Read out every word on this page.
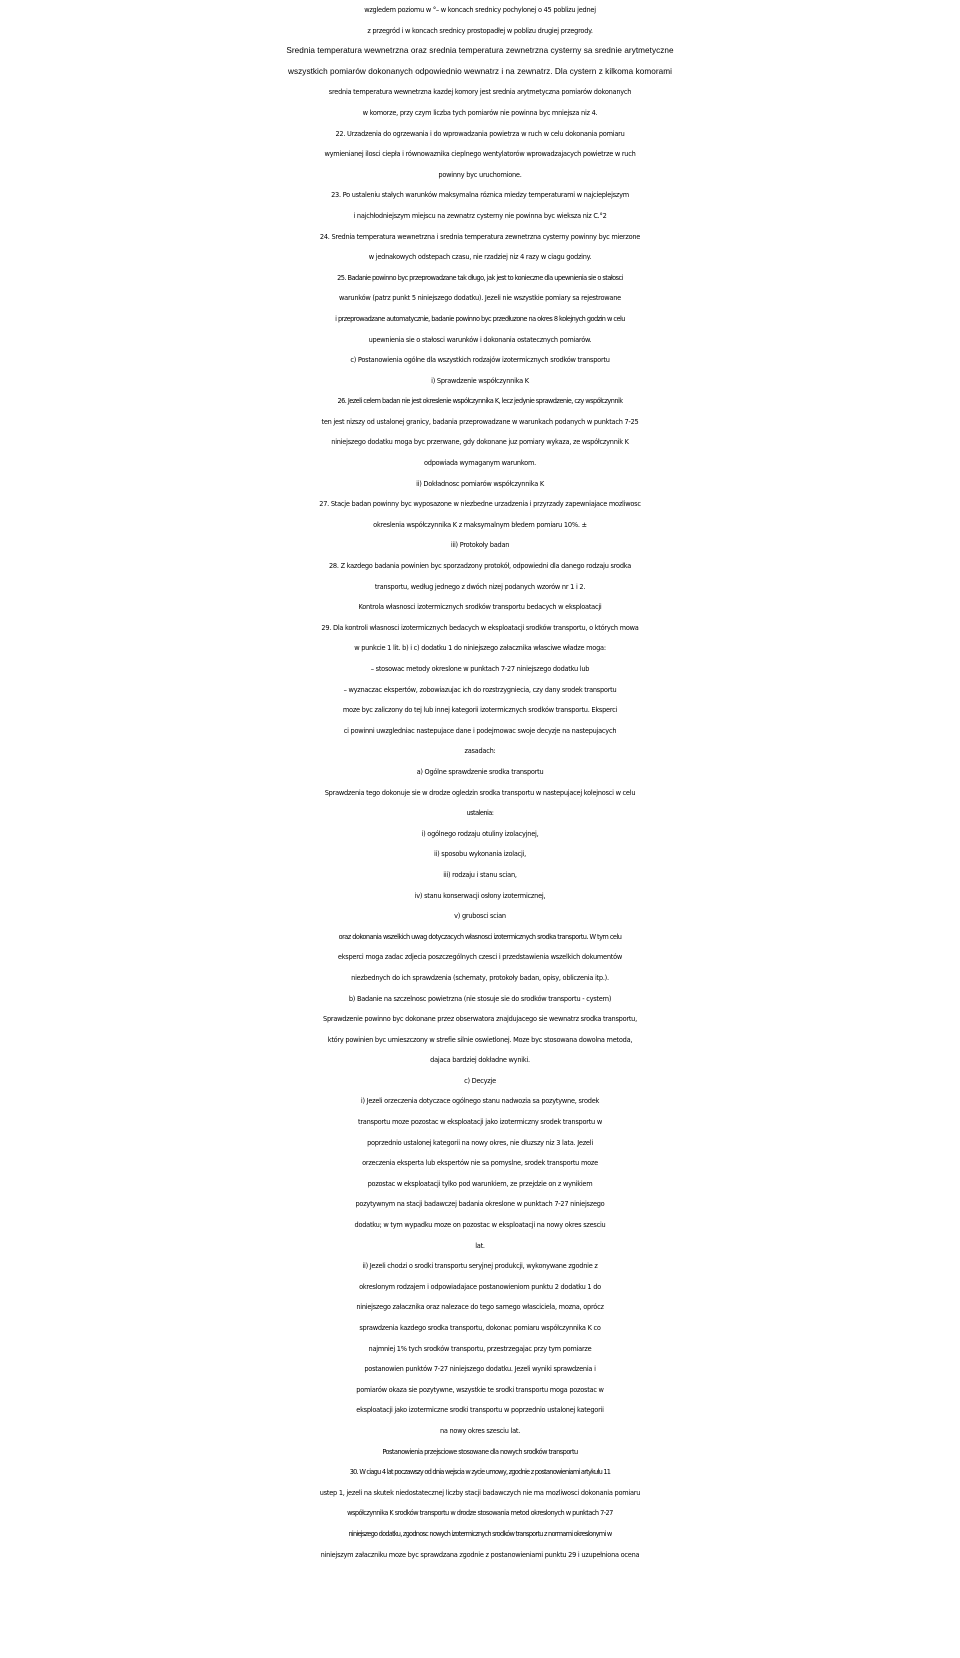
wzgledem poziomu w °– w koncach srednicy pochylonej o 45 poblizu jednej
z przegród i w koncach srednicy prostopadłej w poblizu drugiej przegrody.
Srednia temperatura wewnetrzna oraz srednia temperatura zewnetrzna cysterny sa srednie arytmetyczne
wszystkich pomiarów dokonanych odpowiednio wewnatrz i na zewnatrz. Dla cystern z kilkoma komorami
srednia temperatura wewnetrzna kazdej komory jest srednia arytmetyczna pomiarów dokonanych
w komorze, przy czym liczba tych pomiarów nie powinna byc mniejsza niz 4.
22. Urzadzenia do ogrzewania i do wprowadzania powietrza w ruch w celu dokonania pomiaru
wymienianej ilosci ciepła i równowaznika cieplnego wentylatorów wprowadzajacych powietrze w ruch
powinny byc uruchomione.
23. Po ustaleniu stałych warunków maksymalna róznica miedzy temperaturami w najcieplejszym
i najchłodniejszym miejscu na zewnatrz cysterny nie powinna byc wieksza niz C.°2
24. Srednia temperatura wewnetrzna i srednia temperatura zewnetrzna cysterny powinny byc mierzone
w jednakowych odstepach czasu, nie rzadziej niz 4 razy w ciagu godziny.
25. Badanie powinno byc przeprowadzane tak długo, jak jest to konieczne dla upewnienia sie o stałosci
warunków (patrz punkt 5 niniejszego dodatku). Jezeli nie wszystkie pomiary sa rejestrowane
i przeprowadzane automatycznie, badanie powinno byc przedłuzone na okres 8 kolejnych godzin w celu
upewnienia sie o stałosci warunków i dokonania ostatecznych pomiarów.
c) Postanowienia ogólne dla wszystkich rodzajów izotermicznych srodków transportu
i) Sprawdzenie współczynnika K
26. Jezeli celem badan nie jest okreslenie współczynnika K, lecz jedynie sprawdzenie, czy współczynnik
ten jest nizszy od ustalonej granicy, badania przeprowadzane w warunkach podanych w punktach 7-25
niniejszego dodatku moga byc przerwane, gdy dokonane juz pomiary wykaza, ze współczynnik K
odpowiada wymaganym warunkom.
ii) Dokładnosc pomiarów współczynnika K
27. Stacje badan powinny byc wyposazone w niezbedne urzadzenia i przyrzady zapewniajace mozliwosc
okreslenia współczynnika K z maksymalnym błedem pomiaru 10%. ±
iii) Protokoły badan
28. Z kazdego badania powinien byc sporzadzony protokół, odpowiedni dla danego rodzaju srodka
transportu, według jednego z dwóch nizej podanych wzorów nr 1 i 2.
Kontrola własnosci izotermicznych srodków transportu bedacych w eksploatacji
29. Dla kontroli własnosci izotermicznych bedacych w eksploatacji srodków transportu, o których mowa
w punkcie 1 lit. b) i c) dodatku 1 do niniejszego załacznika własciwe władze moga:
– stosowac metody okreslone w punktach 7-27 niniejszego dodatku lub
– wyznaczac ekspertów, zobowiazujac ich do rozstrzygniecia, czy dany srodek transportu
moze byc zaliczony do tej lub innej kategorii izotermicznych srodków transportu. Eksperci
ci powinni uwzgledniac nastepujace dane i podejmowac swoje decyzje na nastepujacych
zasadach:
a) Ogólne sprawdzenie srodka transportu
Sprawdzenia tego dokonuje sie w drodze ogledzin srodka transportu w nastepujacej kolejnosci w celu
ustalenia:
i) ogólnego rodzaju otuliny izolacyjnej,
ii) sposobu wykonania izolacji,
iii) rodzaju i stanu scian,
iv) stanu konserwacji osłony izotermicznej,
v) grubosci scian
oraz dokonania wszelkich uwag dotyczacych własnosci izotermicznych srodka transportu. W tym celu
eksperci moga zadac zdjecia poszczególnych czesci i przedstawienia wszelkich dokumentów
niezbednych do ich sprawdzenia (schematy, protokoły badan, opisy, obliczenia itp.).
b) Badanie na szczelnosc powietrzna (nie stosuje sie do srodków transportu - cystern)
Sprawdzenie powinno byc dokonane przez obserwatora znajdujacego sie wewnatrz srodka transportu,
który powinien byc umieszczony w strefie silnie oswietlonej. Moze byc stosowana dowolna metoda,
dajaca bardziej dokładne wyniki.
c) Decyzje
i) Jezeli orzeczenia dotyczace ogólnego stanu nadwozia sa pozytywne, srodek
transportu moze pozostac w eksploatacji jako izotermiczny srodek transportu w
poprzednio ustalonej kategorii na nowy okres, nie dłuzszy niz 3 lata. Jezeli
orzeczenia eksperta lub ekspertów nie sa pomyslne, srodek transportu moze
pozostac w eksploatacji tylko pod warunkiem, ze przejdzie on z wynikiem
pozytywnym na stacji badawczej badania okreslone w punktach 7-27 niniejszego
dodatku; w tym wypadku moze on pozostac w eksploatacji na nowy okres szesciu
lat.
ii) Jezeli chodzi o srodki transportu seryjnej produkcji, wykonywane zgodnie z
okreslonym rodzajem i odpowiadajace postanowieniom punktu 2 dodatku 1 do
niniejszego załacznika oraz nalezace do tego samego własciciela, mozna, oprócz
sprawdzenia kazdego srodka transportu, dokonac pomiaru współczynnika K co
najmniej 1% tych srodków transportu, przestrzegajac przy tym pomiarze
postanowien punktów 7-27 niniejszego dodatku. Jezeli wyniki sprawdzenia i
pomiarów okaza sie pozytywne, wszystkie te srodki transportu moga pozostac w
eksploatacji jako izotermiczne srodki transportu w poprzednio ustalonej kategorii
na nowy okres szesciu lat.
Postanowienia przejsciowe stosowane dla nowych srodków transportu
30. W ciagu 4 lat poczawszy od dnia wejscia w zycie umowy, zgodnie z postanowieniami artykułu 11
ustep 1, jezeli na skutek niedostatecznej liczby stacji badawczych nie ma mozliwosci dokonania pomiaru
współczynnika K srodków transportu w drodze stosowania metod okreslonych w punktach 7-27
niniejszego dodatku, zgodnosc nowych izotermicznych srodków transportu z normami okreslonymi w
niniejszym załaczniku moze byc sprawdzana zgodnie z postanowieniami punktu 29 i uzupełniona ocena
